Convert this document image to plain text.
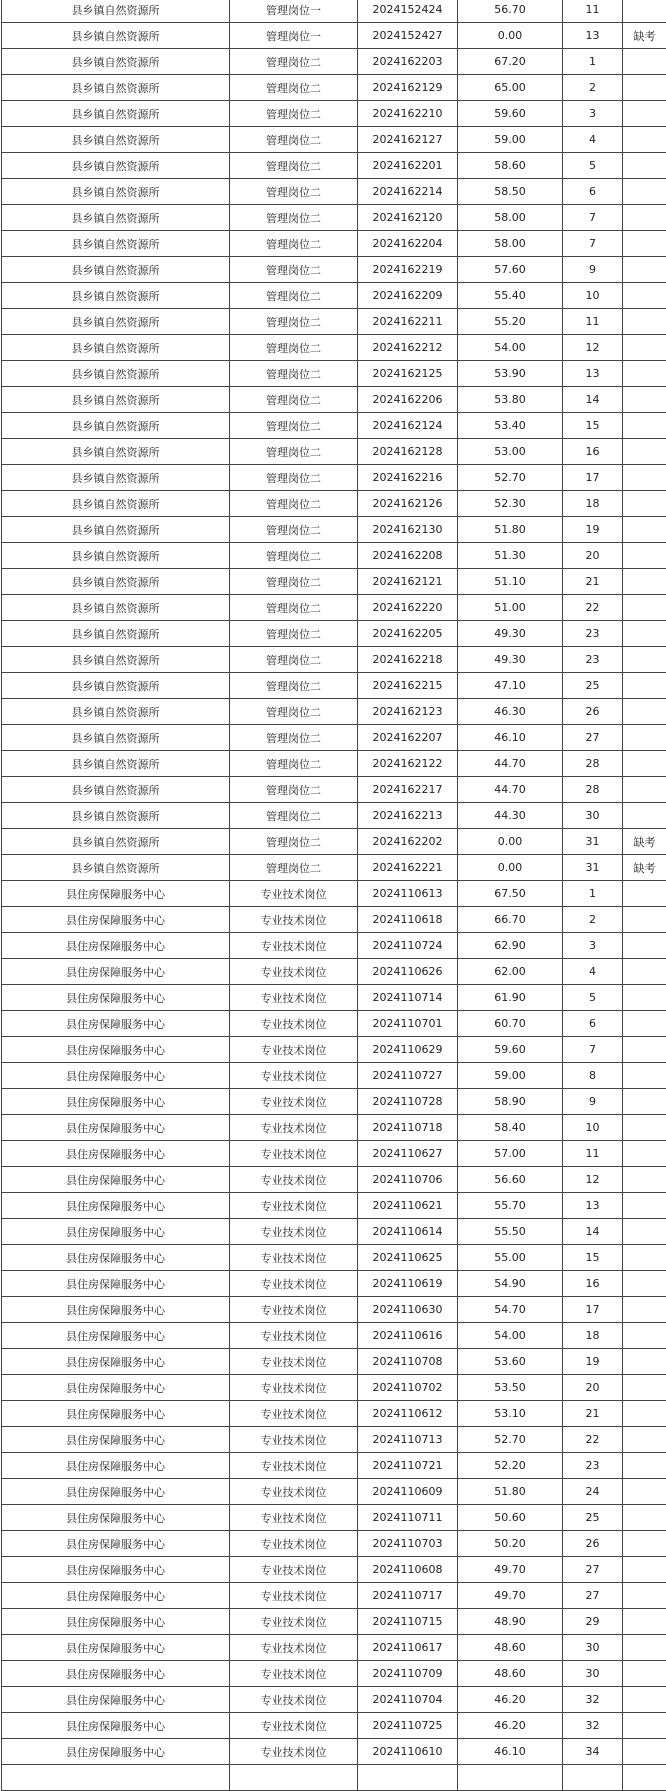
县乡镇自然资源所	管理岗位一	2024152424	56.70	11	
县乡镇自然资源所	管理岗位一	2024152427	0.00	13	缺考
县乡镇自然资源所	管理岗位二	2024162203	67.20	1	
县乡镇自然资源所	管理岗位二	2024162129	65.00	2	
县乡镇自然资源所	管理岗位二	2024162210	59.60	3	
县乡镇自然资源所	管理岗位二	2024162127	59.00	4	
县乡镇自然资源所	管理岗位二	2024162201	58.60	5	
县乡镇自然资源所	管理岗位二	2024162214	58.50	6	
县乡镇自然资源所	管理岗位二	2024162120	58.00	7	
县乡镇自然资源所	管理岗位二	2024162204	58.00	7	
县乡镇自然资源所	管理岗位二	2024162219	57.60	9	
县乡镇自然资源所	管理岗位二	2024162209	55.40	10	
县乡镇自然资源所	管理岗位二	2024162211	55.20	11	
县乡镇自然资源所	管理岗位二	2024162212	54.00	12	
县乡镇自然资源所	管理岗位二	2024162125	53.90	13	
县乡镇自然资源所	管理岗位二	2024162206	53.80	14	
县乡镇自然资源所	管理岗位二	2024162124	53.40	15	
县乡镇自然资源所	管理岗位二	2024162128	53.00	16	
县乡镇自然资源所	管理岗位二	2024162216	52.70	17	
县乡镇自然资源所	管理岗位二	2024162126	52.30	18	
县乡镇自然资源所	管理岗位二	2024162130	51.80	19	
县乡镇自然资源所	管理岗位二	2024162208	51.30	20	
县乡镇自然资源所	管理岗位二	2024162121	51.10	21	
县乡镇自然资源所	管理岗位二	2024162220	51.00	22	
县乡镇自然资源所	管理岗位二	2024162205	49.30	23	
县乡镇自然资源所	管理岗位二	2024162218	49.30	23	
县乡镇自然资源所	管理岗位二	2024162215	47.10	25	
县乡镇自然资源所	管理岗位二	2024162123	46.30	26	
县乡镇自然资源所	管理岗位二	2024162207	46.10	27	
县乡镇自然资源所	管理岗位二	2024162122	44.70	28	
县乡镇自然资源所	管理岗位二	2024162217	44.70	28	
县乡镇自然资源所	管理岗位二	2024162213	44.30	30	
县乡镇自然资源所	管理岗位二	2024162202	0.00	31	缺考
县乡镇自然资源所	管理岗位二	2024162221	0.00	31	缺考
县住房保障服务中心	专业技术岗位	2024110613	67.50	1	
县住房保障服务中心	专业技术岗位	2024110618	66.70	2	
县住房保障服务中心	专业技术岗位	2024110724	62.90	3	
县住房保障服务中心	专业技术岗位	2024110626	62.00	4	
县住房保障服务中心	专业技术岗位	2024110714	61.90	5	
县住房保障服务中心	专业技术岗位	2024110701	60.70	6	
县住房保障服务中心	专业技术岗位	2024110629	59.60	7	
县住房保障服务中心	专业技术岗位	2024110727	59.00	8	
县住房保障服务中心	专业技术岗位	2024110728	58.90	9	
县住房保障服务中心	专业技术岗位	2024110718	58.40	10	
县住房保障服务中心	专业技术岗位	2024110627	57.00	11	
县住房保障服务中心	专业技术岗位	2024110706	56.60	12	
县住房保障服务中心	专业技术岗位	2024110621	55.70	13	
县住房保障服务中心	专业技术岗位	2024110614	55.50	14	
县住房保障服务中心	专业技术岗位	2024110625	55.00	15	
县住房保障服务中心	专业技术岗位	2024110619	54.90	16	
县住房保障服务中心	专业技术岗位	2024110630	54.70	17	
县住房保障服务中心	专业技术岗位	2024110616	54.00	18	
县住房保障服务中心	专业技术岗位	2024110708	53.60	19	
县住房保障服务中心	专业技术岗位	2024110702	53.50	20	
县住房保障服务中心	专业技术岗位	2024110612	53.10	21	
县住房保障服务中心	专业技术岗位	2024110713	52.70	22	
县住房保障服务中心	专业技术岗位	2024110721	52.20	23	
县住房保障服务中心	专业技术岗位	2024110609	51.80	24	
县住房保障服务中心	专业技术岗位	2024110711	50.60	25	
县住房保障服务中心	专业技术岗位	2024110703	50.20	26	
县住房保障服务中心	专业技术岗位	2024110608	49.70	27	
县住房保障服务中心	专业技术岗位	2024110717	49.70	27	
县住房保障服务中心	专业技术岗位	2024110715	48.90	29	
县住房保障服务中心	专业技术岗位	2024110617	48.60	30	
县住房保障服务中心	专业技术岗位	2024110709	48.60	30	
县住房保障服务中心	专业技术岗位	2024110704	46.20	32	
县住房保障服务中心	专业技术岗位	2024110725	46.20	32	
县住房保障服务中心	专业技术岗位	2024110610	46.10	34	
